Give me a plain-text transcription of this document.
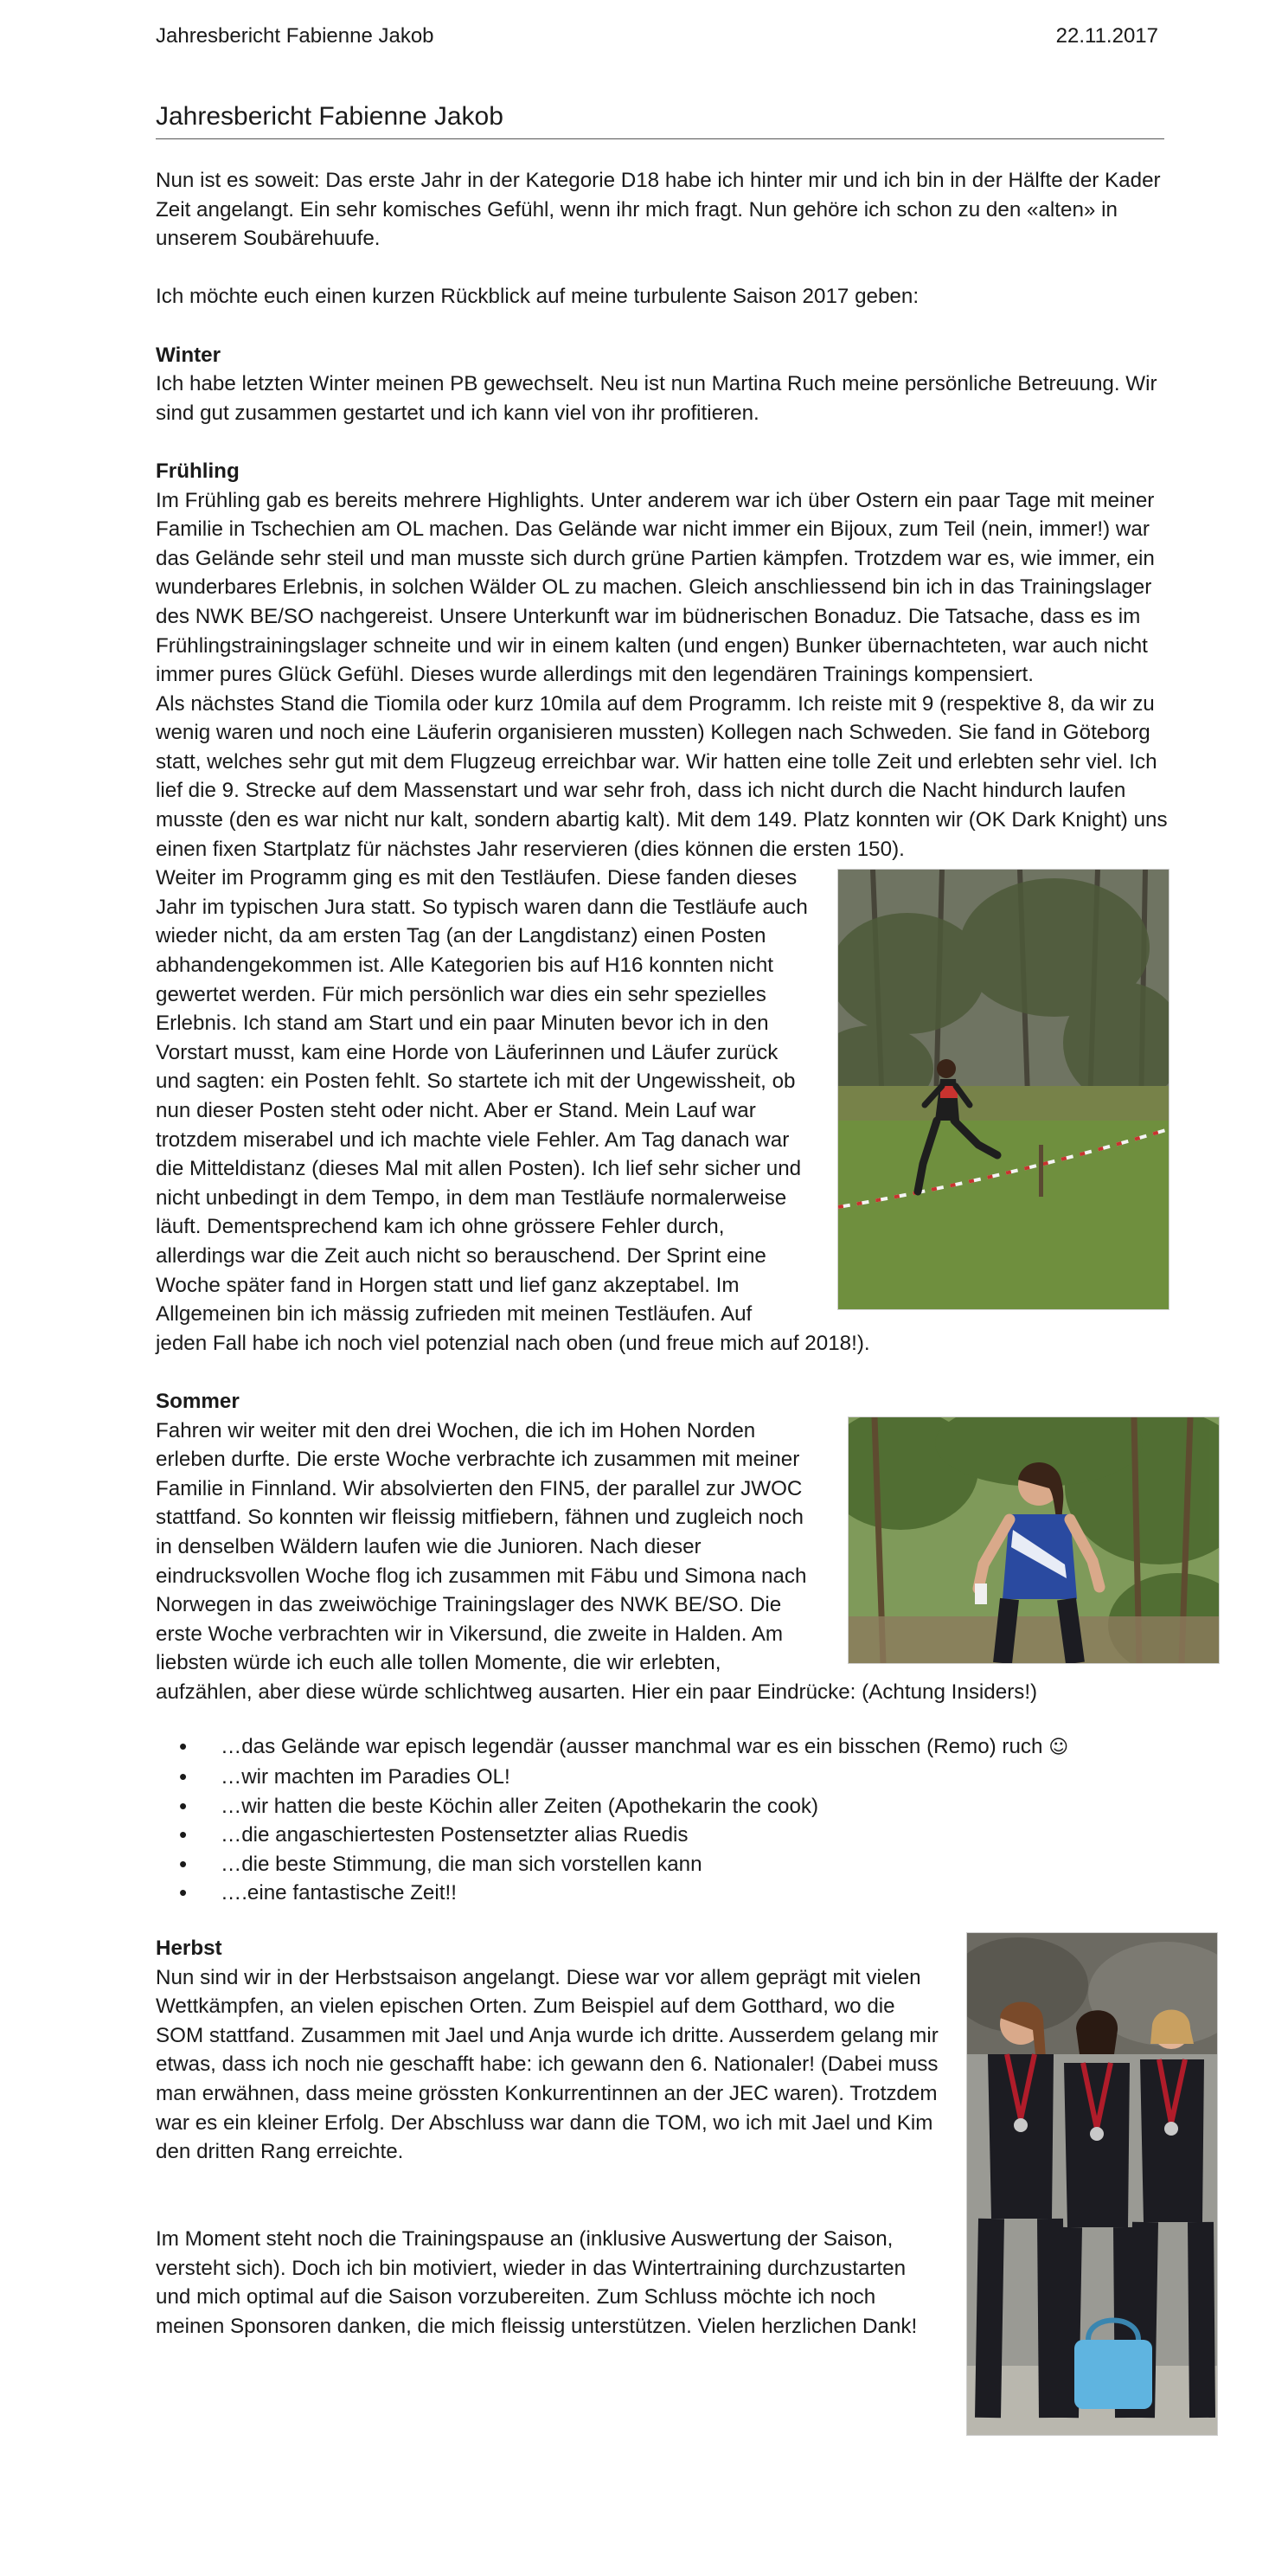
Jahresbericht Fabienne Jakob	22.11.2017
Jahresbericht Fabienne Jakob

Nun ist es soweit: Das erste Jahr in der Kategorie D18 habe ich hinter mir und ich bin in der Hälfte der Kader Zeit angelangt. Ein sehr komisches Gefühl, wenn ihr mich fragt. Nun gehöre ich schon zu den «alten» in unserem Soubärehuufe.

Ich möchte euch einen kurzen Rückblick auf meine turbulente Saison 2017 geben:

Winter

Ich habe letzten Winter meinen PB gewechselt. Neu ist nun Martina Ruch meine persönliche Betreuung. Wir sind gut zusammen gestartet und ich kann viel von ihr profitieren.

Frühling

Im Frühling gab es bereits mehrere Highlights. Unter anderem war ich über Ostern ein paar Tage mit meiner Familie in Tschechien am OL machen. Das Gelände war nicht immer ein Bijoux, zum Teil (nein, immer!) war das Gelände sehr steil und man musste sich durch grüne Partien kämpfen. Trotzdem war es, wie immer, ein wunderbares Erlebnis, in solchen Wälder OL zu machen. Gleich anschliessend bin ich in das Trainingslager des NWK BE/SO nachgereist. Unsere Unterkunft war im büdnerischen Bonaduz. Die Tatsache, dass es im Frühlingstrainingslager schneite und wir in einem kalten (und engen) Bunker übernachteten, war auch nicht immer pures Glück Gefühl. Dieses wurde allerdings mit den legendären Trainings kompensiert.

Als nächstes Stand die Tiomila oder kurz 10mila auf dem Programm. Ich reiste mit 9 (respektive 8, da wir zu wenig waren und noch eine Läuferin organisieren mussten) Kollegen nach Schweden. Sie fand in Göteborg statt, welches sehr gut mit dem Flugzeug erreichbar war. Wir hatten eine tolle Zeit und erlebten sehr viel. Ich lief die 9. Strecke auf dem Massenstart und war sehr froh, dass ich nicht durch die Nacht hindurch laufen musste (den es war nicht nur kalt, sondern abartig kalt). Mit dem 149. Platz konnten wir (OK Dark Knight) uns einen fixen Startplatz für nächstes Jahr reservieren (dies können die ersten 150).

Weiter im Programm ging es mit den Testläufen. Diese fanden dieses Jahr im typischen Jura statt. So typisch waren dann die Testläufe auch wieder nicht, da am ersten Tag (an der Langdistanz) einen Posten abhandengekommen ist. Alle Kategorien bis auf H16 konnten nicht gewertet werden. Für mich persönlich war dies ein sehr spezielles Erlebnis. Ich stand am Start und ein paar Minuten bevor ich in den Vorstart musst, kam eine Horde von Läuferinnen und Läufer zurück und sagten: ein Posten fehlt. So startete ich mit der Ungewissheit, ob nun dieser Posten steht oder nicht. Aber er Stand. Mein Lauf war trotzdem miserabel und ich machte viele Fehler. Am Tag danach war die Mitteldistanz (dieses Mal mit allen Posten). Ich lief sehr sicher und nicht unbedingt in dem Tempo, in dem man Testläufe normalerweise läuft. Dementsprechend kam ich ohne grössere Fehler durch, allerdings war die Zeit auch nicht so berauschend. Der Sprint eine Woche später fand in Horgen statt und lief ganz akzeptabel. Im Allgemeinen bin ich mässig zufrieden mit meinen Testläufen. Auf jeden Fall habe ich noch viel potenzial nach oben (und freue mich auf 2018!).

Sommer

Fahren wir weiter mit den drei Wochen, die ich im Hohen Norden erleben durfte. Die erste Woche verbrachte ich zusammen mit meiner Familie in Finnland. Wir absolvierten den FIN5, der parallel zur JWOC stattfand. So konnten wir fleissig mitfiebern, fähnen und zugleich noch in denselben Wäldern laufen wie die Junioren. Nach dieser eindrucksvollen Woche flog ich zusammen mit Fäbu und Simona nach Norwegen in das zweiwöchige Trainingslager des NWK BE/SO. Die erste Woche verbrachten wir in Vikersund, die zweite in Halden. Am liebsten würde ich euch alle tollen Momente, die wir erlebten, aufzählen, aber diese würde schlichtweg ausarten. Hier ein paar Eindrücke: (Achtung Insiders!)

• …das Gelände war episch legendär (ausser manchmal war es ein bisschen (Remo) ruch ☺
• …wir machten im Paradies OL!
• …wir hatten die beste Köchin aller Zeiten (Apothekarin the cook)
• …die angaschiertesten Postensetzter alias Ruedis
• …die beste Stimmung, die man sich vorstellen kann
• ….eine fantastische Zeit!!

Herbst

Nun sind wir in der Herbstsaison angelangt. Diese war vor allem geprägt mit vielen Wettkämpfen, an vielen epischen Orten. Zum Beispiel auf dem Gotthard, wo die SOM stattfand. Zusammen mit Jael und Anja wurde ich dritte. Ausserdem gelang mir etwas, dass ich noch nie geschafft habe: ich gewann den 6. Nationaler! (Dabei muss man erwähnen, dass meine grössten Konkurrentinnen an der JEC waren). Trotzdem war es ein kleiner Erfolg. Der Abschluss war dann die TOM, wo ich mit Jael und Kim den dritten Rang erreichte.

Im Moment steht noch die Trainingspause an (inklusive Auswertung der Saison, versteht sich). Doch ich bin motiviert, wieder in das Wintertraining durchzustarten und mich optimal auf die Saison vorzubereiten. Zum Schluss möchte ich noch meinen Sponsoren danken, die mich fleissig unterstützen. Vielen herzlichen Dank!
